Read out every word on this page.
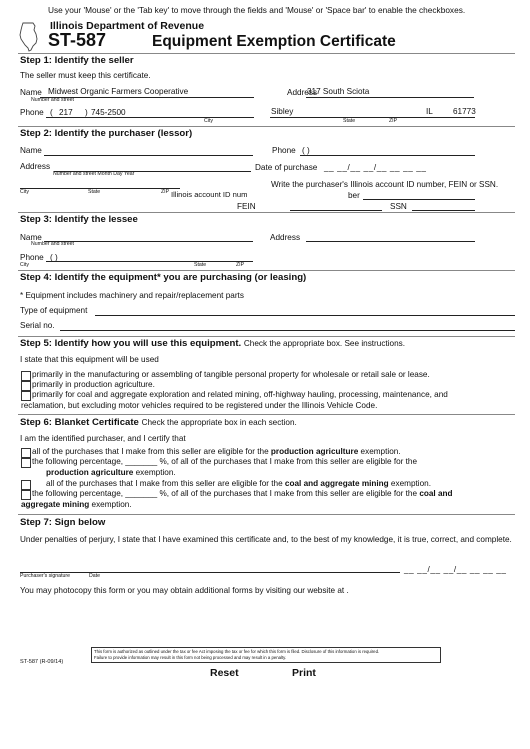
Use your 'Mouse' or the 'Tab key' to move through the fields and 'Mouse' or 'Space bar' to enable the checkboxes.
Illinois Department of Revenue
ST-587	Equipment Exemption Certificate
Step 1: Identify the seller
The seller must keep this certificate.
Name Midwest Organic Farmers Cooperative
Number and street
Address
317 South Sciota
Phone ( 217 ) 745-2500
City
Sibley	IL 61773
State	ZIP
Step 2: Identify the purchaser (lessor)
Name	Phone ( )
Address
Number and street Month Day Year
Date of purchase __ __/__ __/__ __ __ __
City	State	ZIP Illinois account ID num
Write the purchaser's Illinois account ID number, FEIN or SSN.
ber
FEIN	SSN
Step 3: Identify the lessee
Name
Number and street
Address
Phone ( )
City	State	ZIP
Step 4: Identify the equipment* you are purchasing (or leasing)
* Equipment includes machinery and repair/replacement parts
Type of equipment
Serial no.
Step 5: Identify how you will use this equipment. Check the appropriate box. See instructions.
I state that this equipment will be used
primarily in the manufacturing or assembling of tangible personal property for wholesale or retail sale or lease.
primarily in production agriculture.
primarily for coal and aggregate exploration and related mining, off-highway hauling, processing, maintenance, and
reclamation, but excluding motor vehicles required to be registered under the Illinois Vehicle Code.
Step 6: Blanket Certificate Check the appropriate box in each section.
I am the identified purchaser, and I certify that
all of the purchases that I make from this seller are eligible for the production agriculture exemption.
the following percentage, _______ %, of all of the purchases that I make from this seller are eligible for the
production agriculture exemption.
all of the purchases that I make from this seller are eligible for the coal and aggregate mining exemption.
the following percentage, _______ %, of all of the purchases that I make from this seller are eligible for the coal and
aggregate mining exemption.
Step 7: Sign below
Under penalties of perjury, I state that I have examined this certificate and, to the best of my knowledge, it is true, correct, and complete.
__ __/__ __/__ __ __ __
Purchaser's signature	Date
You may photocopy this form or you may obtain additional forms by visiting our website at .
This form is authorized as outlined under the tax or fee Act imposing the tax or fee for which this form is filed. Disclosure of this information is required.
Failure to provide information may result in this form not being processed and may result in a penalty.
ST-587 (R-09/14)
Reset	Print
